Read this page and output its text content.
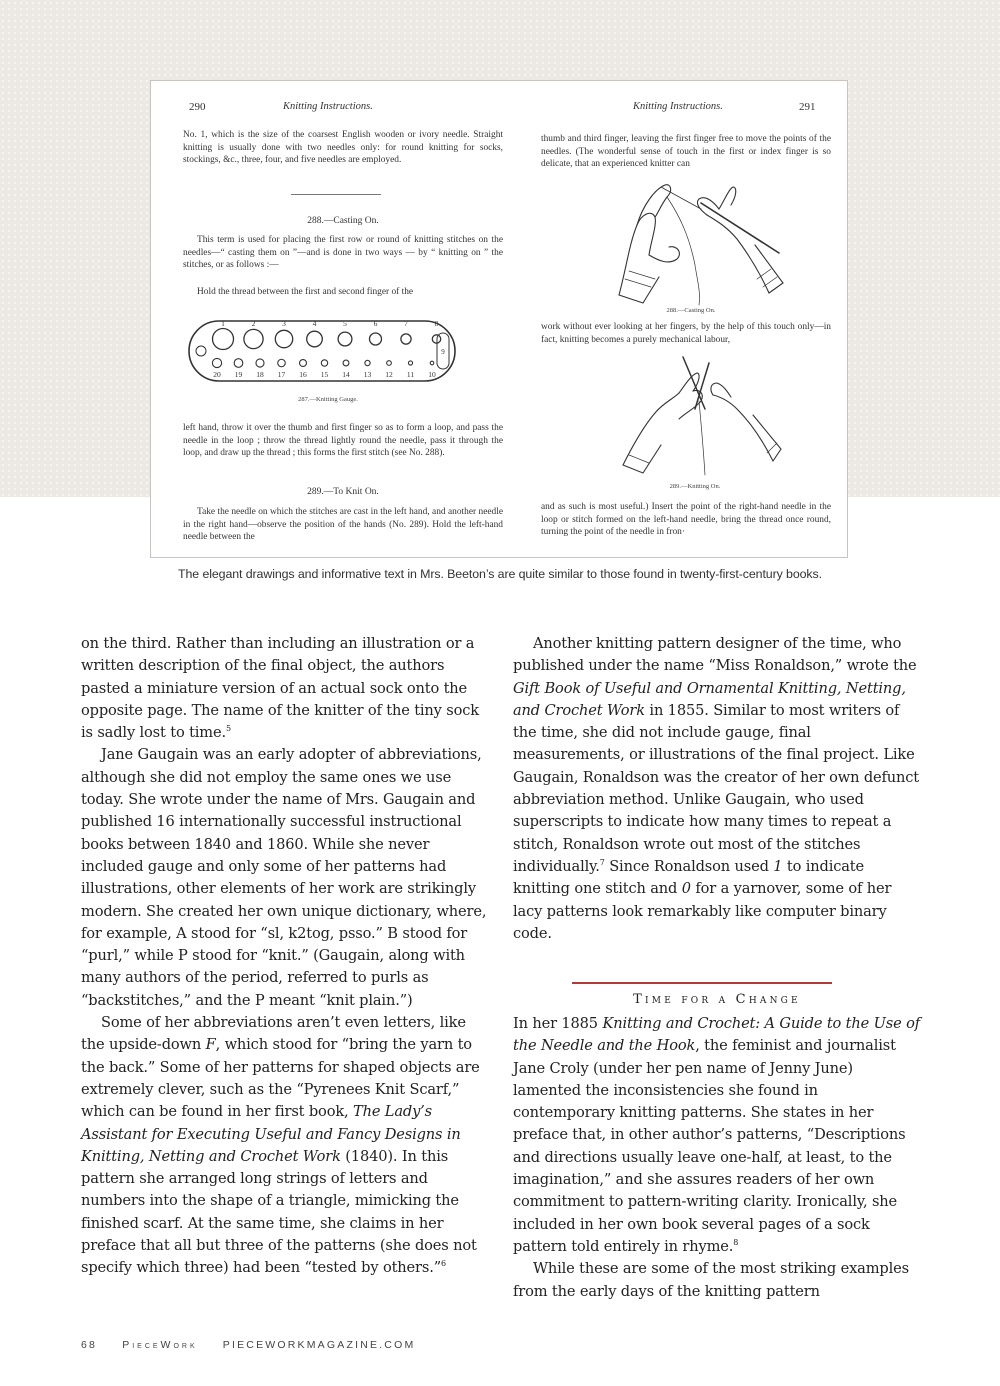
290	Knitting Instructions.
No. 1, which is the size of the coarsest English wooden or ivory needle. Straight knitting is usually done with two needles only: for round knitting for socks, stockings, &c., three, four, and five needles are employed.
288.—Casting On.
This term is used for placing the first row or round of knitting stitches on the needles—“ casting them on ”—and is done in two ways — by “ knitting on ” the stitches, or as follows :—
Hold the thread between the first and second finger of the
1	2	3	4	5	6	7	8
20 19 18 17 16 15 14 13 12 11 10
9
287.—Knitting Gauge.
left hand, throw it over the thumb and first finger so as to form a loop, and pass the needle in the loop ; throw the thread lightly round the needle, pass it through the loop, and draw up the thread ; this forms the first stitch (see No. 288).
289.—To Knit On.
Take the needle on which the stitches are cast in the left hand, and another needle in the right hand—observe the position of the hands (No. 289). Hold the left-hand needle between the
Knitting Instructions.	291
thumb and third finger, leaving the first finger free to move the points of the needles. (The wonderful sense of touch in the first or index finger is so delicate, that an experienced knitter can
288.—Casting On.
work without ever looking at her fingers, by the help of this touch only—in fact, knitting becomes a purely mechanical labour,
289.—Knitting On.
and as such is most useful.) Insert the point of the right-hand needle in the loop or stitch formed on the left-hand needle, bring the thread once round, turning the point of the needle in fron·
The elegant drawings and informative text in Mrs. Beeton’s are quite similar to those found in twenty-first-century books.

on the third. Rather than including an illustration or a written description of the final object, the authors pasted a miniature version of an actual sock onto the opposite page. The name of the knitter of the tiny sock is sadly lost to time.$^5$

Jane Gaugain was an early adopter of abbreviations, although she did not employ the same ones we use today. She wrote under the name of Mrs. Gaugain and published 16 internationally successful instructional books between 1840 and 1860. While she never included gauge and only some of her patterns had illustrations, other elements of her work are strikingly modern. She created her own unique dictionary, where, for example, A stood for “sl, k2tog, psso.” B stood for “purl,” while P stood for “knit.” (Gaugain, along with many authors of the period, referred to purls as “backstitches,” and the P meant “knit plain.”)

Some of her abbreviations aren’t even letters, like the upside-down F, which stood for “bring the yarn to the back.” Some of her patterns for shaped objects are extremely clever, such as the “Pyrenees Knit Scarf,” which can be found in her first book, The Lady’s Assistant for Executing Useful and Fancy Designs in Knitting, Netting and Crochet Work (1840). In this pattern she arranged long strings of letters and numbers into the shape of a triangle, mimicking the finished scarf. At the same time, she claims in her preface that all but three of the patterns (she does not specify which three) had been “tested by others.”$^6$

Another knitting pattern designer of the time, who published under the name “Miss Ronaldson,” wrote the Gift Book of Useful and Ornamental Knitting, Netting, and Crochet Work in 1855. Similar to most writers of the time, she did not include gauge, final measurements, or illustrations of the final project. Like Gaugain, Ronaldson was the creator of her own defunct abbreviation method. Unlike Gaugain, who used superscripts to indicate how many times to repeat a stitch, Ronaldson wrote out most of the stitches individually.$^7$ Since Ronaldson used 1 to indicate knitting one stitch and 0 for a yarnover, some of her lacy patterns look remarkably like computer binary code.

Time for a Change

In her 1885 Knitting and Crochet: A Guide to the Use of the Needle and the Hook, the feminist and journalist Jane Croly (under her pen name of Jenny June) lamented the inconsistencies she found in contemporary knitting patterns. She states in her preface that, in other author’s patterns, “Descriptions and directions usually leave one-half, at least, to the imagination,” and she assures readers of her own commitment to pattern-writing clarity. Ironically, she included in her own book several pages of a sock pattern told entirely in rhyme.$^8$

While these are some of the most striking examples from the early days of the knitting pattern

68 PieceWork PIECEWORKMAGAZINE.COM
